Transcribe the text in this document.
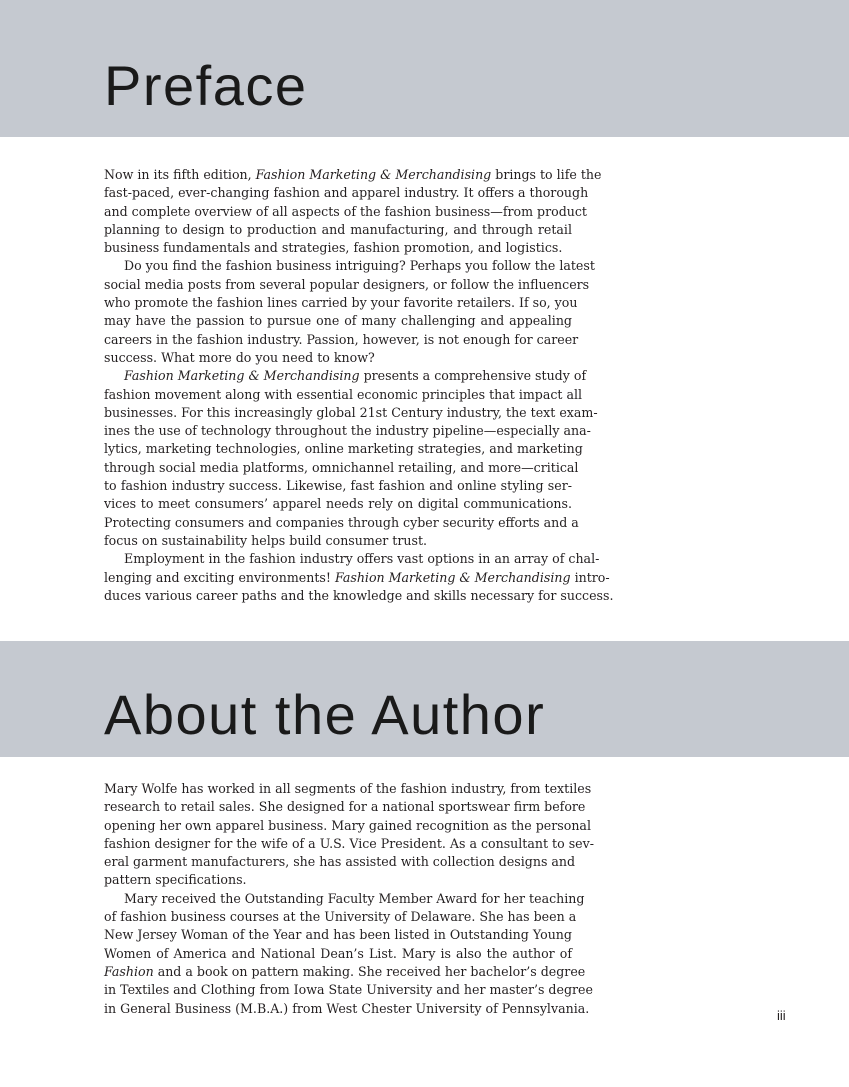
Preface
Now in its fifth edition, Fashion Marketing & Merchandising brings to life the
fast-paced, ever-changing fashion and apparel industry. It offers a thorough
and complete overview of all aspects of the fashion business—from product
planning to design to production and manufacturing, and through retail
business fundamentals and strategies, fashion promotion, and logistics.
Do you find the fashion business intriguing? Perhaps you follow the latest
social media posts from several popular designers, or follow the influencers
who promote the fashion lines carried by your favorite retailers. If so, you
may have the passion to pursue one of many challenging and appealing
careers in the fashion industry. Passion, however, is not enough for career
success. What more do you need to know?
Fashion Marketing & Merchandising presents a comprehensive study of
fashion movement along with essential economic principles that impact all
businesses. For this increasingly global 21st Century industry, the text exam-
ines the use of technology throughout the industry pipeline—especially ana-
lytics, marketing technologies, online marketing strategies, and marketing
through social media platforms, omnichannel retailing, and more—critical
to fashion industry success. Likewise, fast fashion and online styling ser-
vices to meet consumers’ apparel needs rely on digital communications.
Protecting consumers and companies through cyber security efforts and a
focus on sustainability helps build consumer trust.
Employment in the fashion industry offers vast options in an array of chal-
lenging and exciting environments! Fashion Marketing & Merchandising intro-
duces various career paths and the knowledge and skills necessary for success.
About the Author
Mary Wolfe has worked in all segments of the fashion industry, from textiles
research to retail sales. She designed for a national sportswear firm before
opening her own apparel business. Mary gained recognition as the personal
fashion designer for the wife of a U.S. Vice President. As a consultant to sev-
eral garment manufacturers, she has assisted with collection designs and
pattern specifications.
Mary received the Outstanding Faculty Member Award for her teaching
of fashion business courses at the University of Delaware. She has been a
New Jersey Woman of the Year and has been listed in Outstanding Young
Women of America and National Dean’s List. Mary is also the author of
Fashion and a book on pattern making. She received her bachelor’s degree
in Textiles and Clothing from Iowa State University and her master’s degree
in General Business (M.B.A.) from West Chester University of Pennsylvania.	iii
